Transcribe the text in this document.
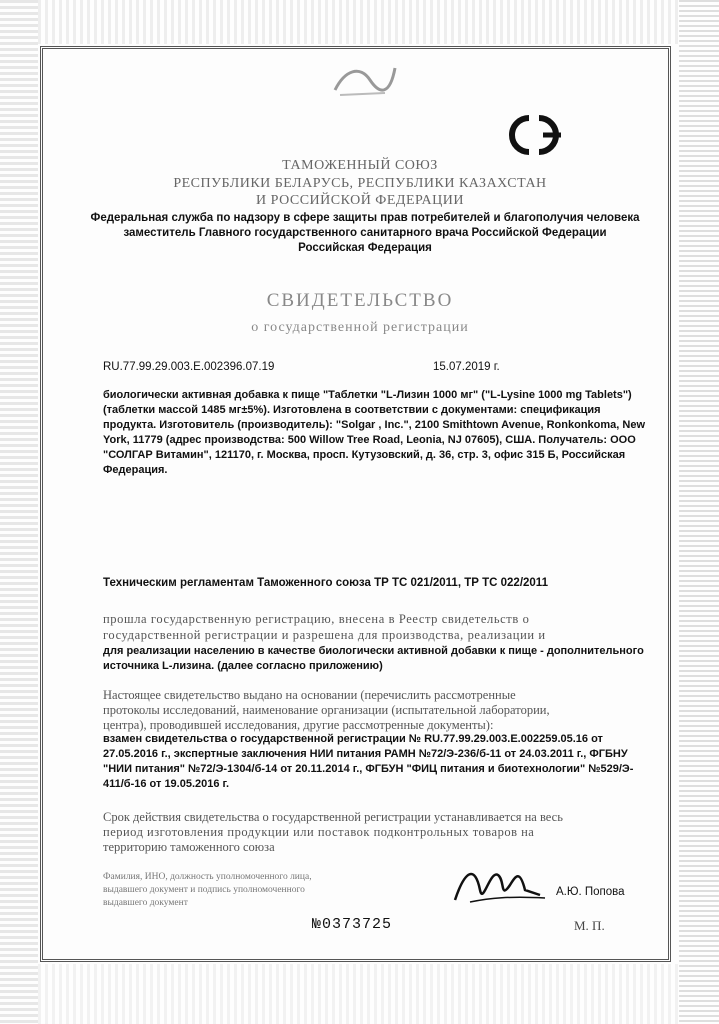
ТАМОЖЕННЫЙ СОЮЗ
РЕСПУБЛИКИ БЕЛАРУСЬ, РЕСПУБЛИКИ КАЗАХСТАН
И РОССИЙСКОЙ ФЕДЕРАЦИИ
Федеральная служба по надзору в сфере защиты прав потребителей и благополучия человека
заместитель Главного государственного санитарного врача Российской Федерации
Российская Федерация
СВИДЕТЕЛЬСТВО
о государственной регистрации
RU.77.99.29.003.E.002396.07.19	15.07.2019 г.
биологически активная добавка к пище "Таблетки "L-Лизин 1000 мг" ("L-Lysine 1000 mg Tablets")
(таблетки массой 1485 мг±5%). Изготовлена в соответствии с документами: спецификация
продукта. Изготовитель (производитель): "Solgar , Inc.", 2100 Smithtown Avenue, Ronkonkoma, New
York, 11779 (адрес производства: 500 Willow Tree Road, Leonia, NJ 07605), США. Получатель: ООО
"СОЛГАР Витамин", 121170, г. Москва, просп. Кутузовский, д. 36, стр. 3, офис 315 Б, Российская
Федерация.
Техническим регламентам Таможенного союза ТР ТС 021/2011, ТР ТС 022/2011
прошла государственную регистрацию, внесена в Реестр свидетельств о
государственной регистрации и разрешена для производства, реализации и
для реализации населению в качестве биологически активной добавки к пище - дополнительного
источника L-лизина. (далее согласно приложению)
Настоящее свидетельство выдано на основании (перечислить рассмотренные
протоколы исследований, наименование организации (испытательной лаборатории,
центра), проводившей исследования, другие рассмотренные документы):
взамен свидетельства о государственной регистрации № RU.77.99.29.003.E.002259.05.16 от
27.05.2016 г., экспертные заключения НИИ питания РАМН №72/Э-236/б-11 от 24.03.2011 г., ФГБНУ
"НИИ питания" №72/Э-1304/б-14 от 20.11.2014 г., ФГБУН "ФИЦ питания и биотехнологии" №529/Э-
411/б-16 от 19.05.2016 г.
Срок действия свидетельства о государственной регистрации устанавливается на весь
период изготовления продукции или поставок подконтрольных товаров на
территорию таможенного союза
Фамилия, ИНО, должность уполномоченного лица,
выдавшего документ и подпись уполномоченного
выдавшего документ
А.Ю. Попова
№0373725	М. П.
